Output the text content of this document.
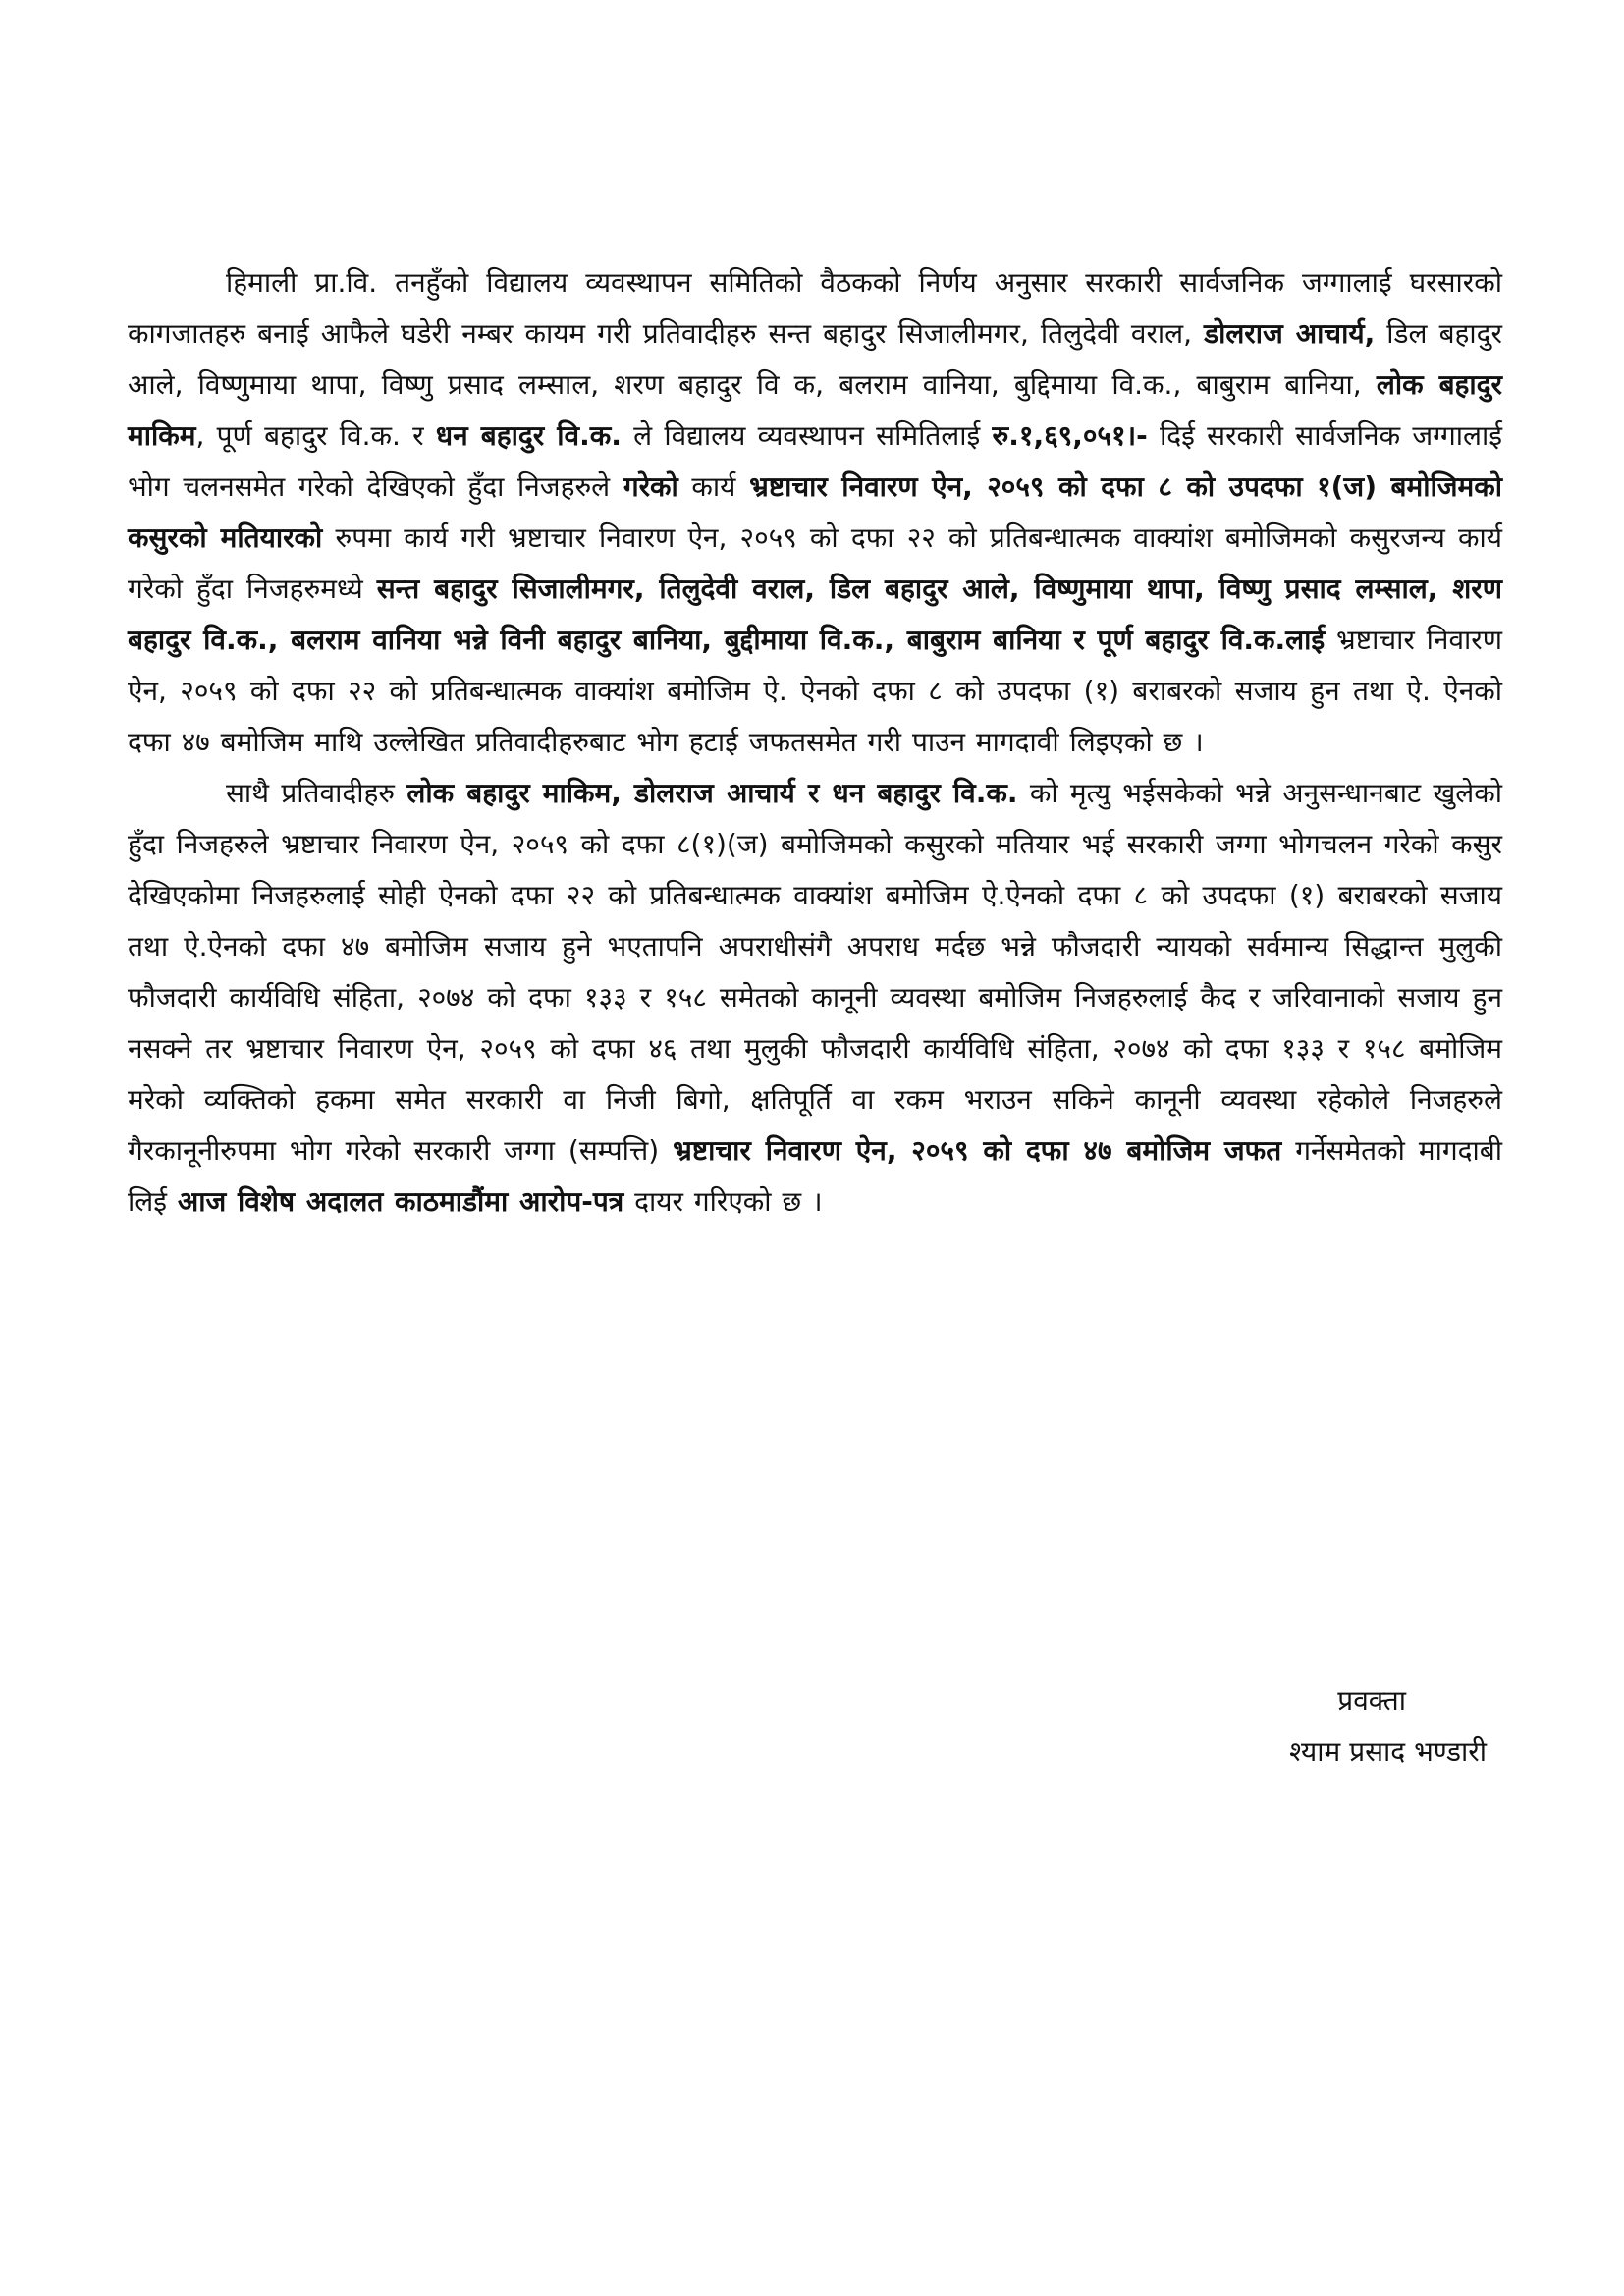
हिमाली प्रा.वि. तनहुँको विद्यालय व्यवस्थापन समितिको वैठकको निर्णय अनुसार सरकारी सार्वजनिक जग्गालाई घरसारको कागजातहरु बनाई आफैले घडेरी नम्बर कायम गरी प्रतिवादीहरु सन्त बहादुर सिजालीमगर, तिलुदेवी वराल, डोलराज आचार्य, डिल बहादुर आले, विष्णुमाया थापा, विष्णु प्रसाद लम्साल, शरण बहादुर वि क, बलराम वानिया, बुद्दिमाया वि.क., बाबुराम बानिया, लोक बहादुर माकिम, पूर्ण बहादुर वि.क. र धन बहादुर वि.क. ले विद्यालय व्यवस्थापन समितिलाई रु.१,६९,०५१।- दिई सरकारी सार्वजनिक जग्गालाई भोग चलनसमेत गरेको देखिएको हुँदा निजहरुले गरेको कार्य भ्रष्टाचार निवारण ऐन, २०५९ को दफा ८ को उपदफा १(ज) बमोजिमको कसुरको मतियारको रुपमा कार्य गरी भ्रष्टाचार निवारण ऐन, २०५९ को दफा २२ को प्रतिबन्धात्मक वाक्यांश बमोजिमको कसुरजन्य कार्य गरेको हुँदा निजहरुमध्ये सन्त बहादुर सिजालीमगर, तिलुदेवी वराल, डिल बहादुर आले, विष्णुमाया थापा, विष्णु प्रसाद लम्साल, शरण बहादुर वि.क., बलराम वानिया भन्ने विनी बहादुर बानिया, बुद्दीमाया वि.क., बाबुराम बानिया र पूर्ण बहादुर वि.क.लाई भ्रष्टाचार निवारण ऐन, २०५९ को दफा २२ को प्रतिबन्धात्मक वाक्यांश बमोजिम ऐ. ऐनको दफा ८ को उपदफा (१) बराबरको सजाय हुन तथा ऐ. ऐनको दफा ४७ बमोजिम माथि उल्लेखित प्रतिवादीहरुबाट भोग हटाई जफतसमेत गरी पाउन मागदावी लिइएको छ ।

साथै प्रतिवादीहरु लोक बहादुर माकिम, डोलराज आचार्य र धन बहादुर वि.क. को मृत्यु भईसकेको भन्ने अनुसन्धानबाट खुलेको हुँदा निजहरुले भ्रष्टाचार निवारण ऐन, २०५९ को दफा ८(१)(ज) बमोजिमको कसुरको मतियार भई सरकारी जग्गा भोगचलन गरेको कसुर देखिएकोमा निजहरुलाई सोही ऐनको दफा २२ को प्रतिबन्धात्मक वाक्यांश बमोजिम ऐ.ऐनको दफा ८ को उपदफा (१) बराबरको सजाय तथा ऐ.ऐनको दफा ४७ बमोजिम सजाय हुने भएतापनि अपराधीसंगै अपराध मर्दछ भन्ने फौजदारी न्यायको सर्वमान्य सिद्धान्त मुलुकी फौजदारी कार्यविधि संहिता, २०७४ को दफा १३३ र १५८ समेतको कानूनी व्यवस्था बमोजिम निजहरुलाई कैद र जरिवानाको सजाय हुन नसक्ने तर भ्रष्टाचार निवारण ऐन, २०५९ को दफा ४६ तथा मुलुकी फौजदारी कार्यविधि संहिता, २०७४ को दफा १३३ र १५८ बमोजिम मरेको व्यक्तिको हकमा समेत सरकारी वा निजी बिगो, क्षतिपूर्ति वा रकम भराउन सकिने कानूनी व्यवस्था रहेकोले निजहरुले गैरकानूनीरुपमा भोग गरेको सरकारी जग्गा (सम्पत्ति) भ्रष्टाचार निवारण ऐन, २०५९ को दफा ४७ बमोजिम जफत गर्नेसमेतको मागदाबी लिई आज विशेष अदालत काठमाडौंमा आरोप-पत्र दायर गरिएको छ ।

प्रवक्ता
श्याम प्रसाद भण्डारी
